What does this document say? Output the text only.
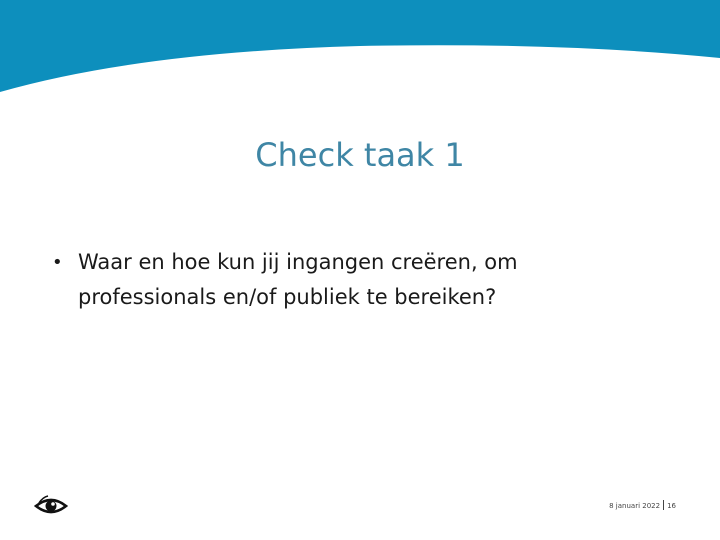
Check taak 1
• Waar en hoe kun jij ingangen creëren, om professionals en/of publiek te bereiken?
8 januari 2022 16
